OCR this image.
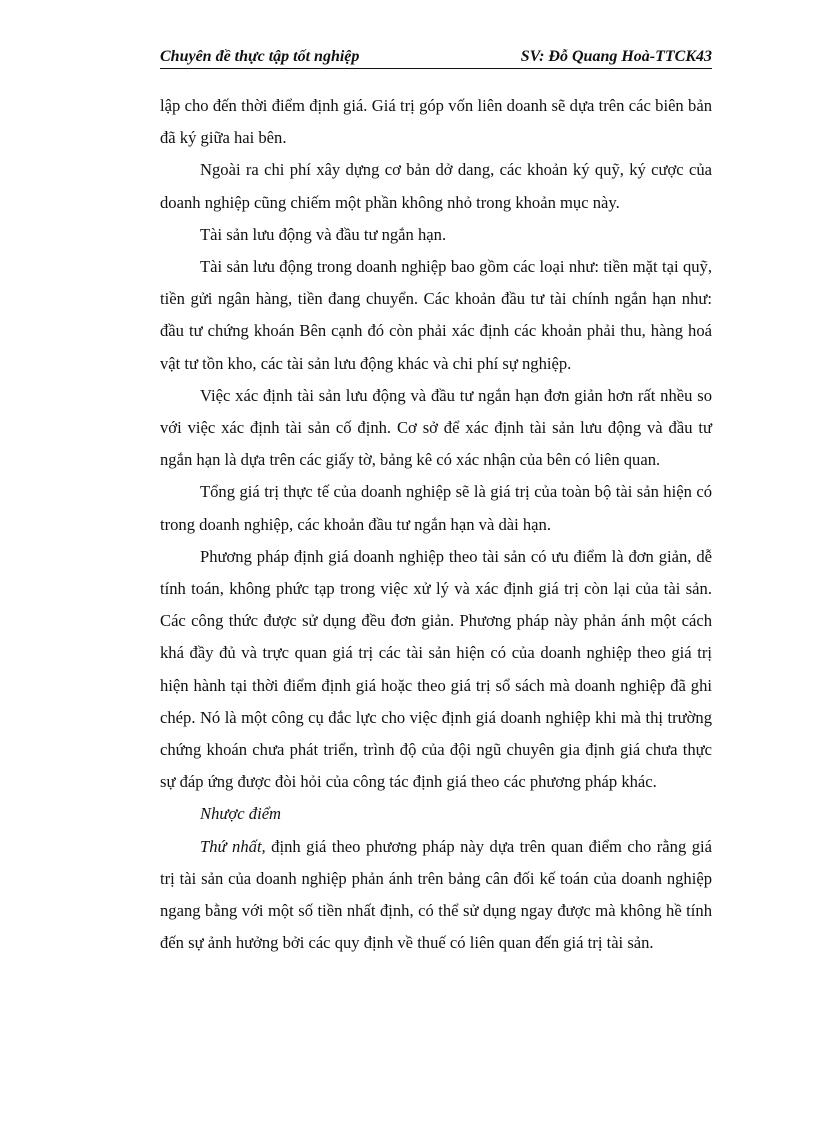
Chuyên đề thực tập tốt nghiệp	SV: Đỗ Quang Hoà-TTCK43

lập cho đến thời điểm định giá. Giá trị góp vốn liên doanh sẽ dựa trên các biên bản đã ký giữa hai bên.

Ngoài ra chi phí xây dựng cơ bản dở dang, các khoản ký quỹ, ký cược của doanh nghiệp cũng chiếm một phần không nhỏ trong khoản mục này.

Tài sản lưu động và đầu tư ngắn hạn.

Tài sản lưu động trong doanh nghiệp bao gồm các loại như: tiền mặt tại quỹ, tiền gửi ngân hàng, tiền đang chuyển. Các khoản đầu tư tài chính ngắn hạn như: đầu tư chứng khoán Bên cạnh đó còn phải xác định các khoản phải thu, hàng hoá vật tư tồn kho, các tài sản lưu động khác và chi phí sự nghiệp.

Việc xác định tài sản lưu động và đầu tư ngắn hạn đơn giản hơn rất nhều so với việc xác định tài sản cố định. Cơ sở để xác định tài sản lưu động và đầu tư ngắn hạn là dựa trên các giấy tờ, bảng kê có xác nhận của bên có liên quan.

Tổng giá trị thực tế của doanh nghiệp sẽ là giá trị của toàn bộ tài sản hiện có trong doanh nghiệp, các khoản đầu tư ngắn hạn và dài hạn.

Phương pháp định giá doanh nghiệp theo tài sản có ưu điểm là đơn giản, dễ tính toán, không phức tạp trong việc xử lý và xác định giá trị còn lại của tài sản. Các công thức được sử dụng đều đơn giản. Phương pháp này phản ánh một cách khá đầy đủ và trực quan giá trị các tài sản hiện có của doanh nghiệp theo giá trị hiện hành tại thời điểm định giá hoặc theo giá trị sổ sách mà doanh nghiệp đã ghi chép. Nó là một công cụ đắc lực cho việc định giá doanh nghiệp khi mà thị trường chứng khoán chưa phát triển, trình độ của đội ngũ chuyên gia định giá chưa thực sự đáp ứng được đòi hỏi của công tác định giá theo các phương pháp khác.

Nhược điểm

Thứ nhất, định giá theo phương pháp này dựa trên quan điểm cho rằng giá trị tài sản của doanh nghiệp phản ánh trên bảng cân đối kế toán của doanh nghiệp ngang bằng với một số tiền nhất định, có thể sử dụng ngay được mà không hề tính đến sự ảnh hưởng bởi các quy định về thuế có liên quan đến giá trị tài sản.
